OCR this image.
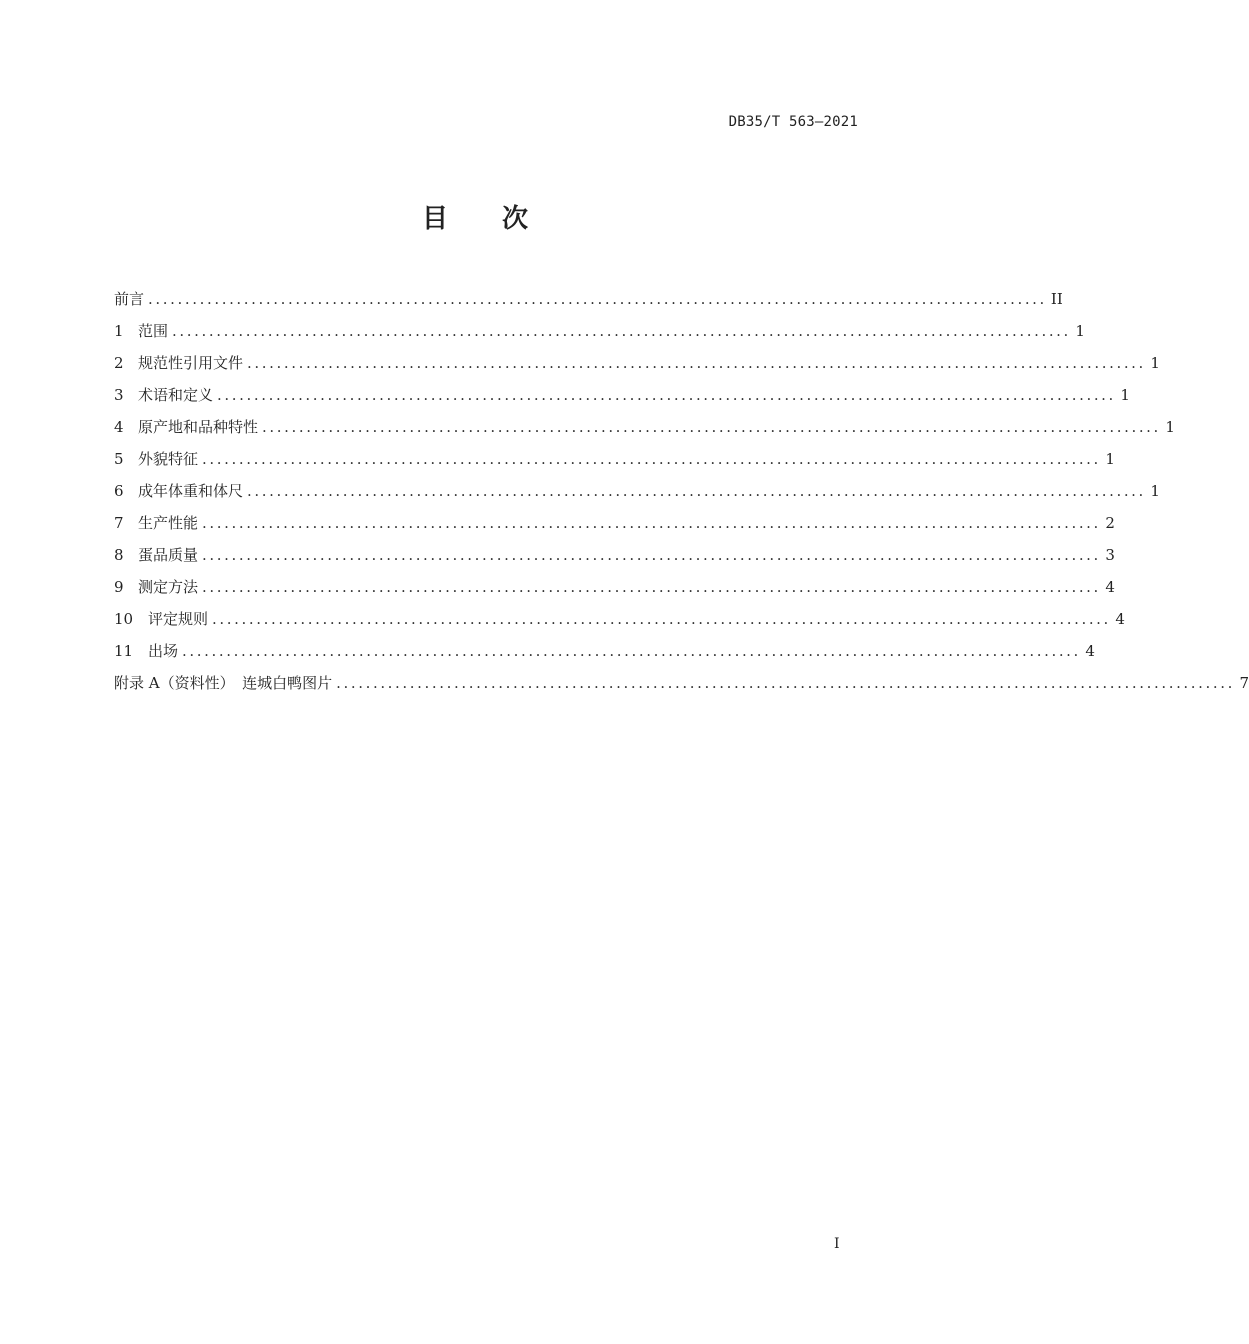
DB35/T 563—2021
目 次
前言 .......................................................................................................................... II
1 范围 .......................................................................................................................... 1
2 规范性引用文件 .......................................................................................................................... 1
3 术语和定义 .......................................................................................................................... 1
4 原产地和品种特性 .......................................................................................................................... 1
5 外貌特征 .......................................................................................................................... 1
6 成年体重和体尺 .......................................................................................................................... 1
7 生产性能 .......................................................................................................................... 2
8 蛋品质量 .......................................................................................................................... 3
9 测定方法 .......................................................................................................................... 4
10 评定规则 .......................................................................................................................... 4
11 出场 .......................................................................................................................... 4
附录 A（资料性）　连城白鸭图片 .......................................................................................................................... 7
I
